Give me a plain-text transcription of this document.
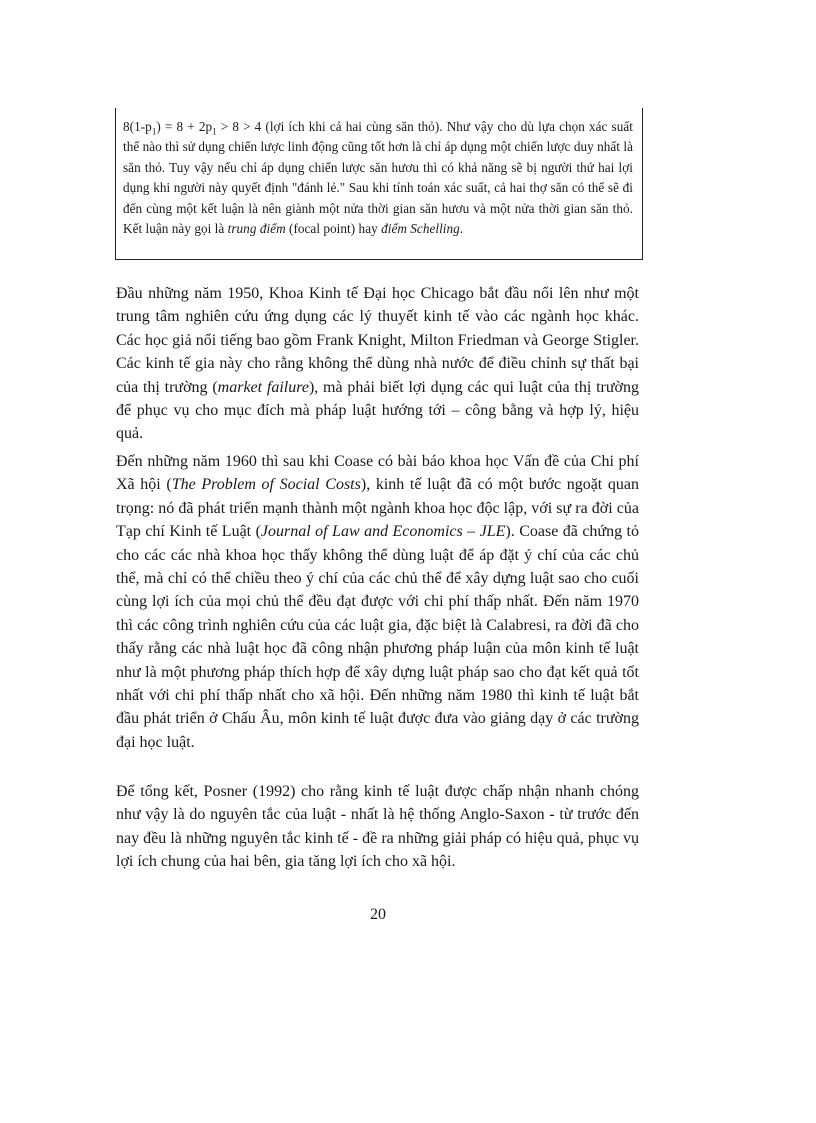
$8(1-p_1) = 8 + 2p_1 > 8 > 4$ (lợi ích khi cả hai cùng săn thỏ). Như vậy cho dù lựa chọn xác suất thế nào thì sử dụng chiến lược linh động cũng tốt hơn là chỉ áp dụng một chiến lược duy nhất là săn thỏ. Tuy vậy nếu chỉ áp dụng chiến lược săn hươu thì có khả năng sẽ bị người thứ hai lợi dụng khi người này quyết định "đánh lẻ." Sau khi tính toán xác suất, cả hai thợ săn có thể sẽ đi đến cùng một kết luận là nên giành một nửa thời gian săn hươu và một nửa thời gian săn thỏ. Kết luận này gọi là trung điểm (focal point) hay điểm Schelling.

Đầu những năm 1950, Khoa Kinh tế Đại học Chicago bắt đầu nổi lên như một trung tâm nghiên cứu ứng dụng các lý thuyết kinh tế vào các ngành học khác. Các học giả nổi tiếng bao gồm Frank Knight, Milton Friedman và George Stigler. Các kinh tế gia này cho rằng không thể dùng nhà nước để điều chỉnh sự thất bại của thị trường (market failure), mà phải biết lợi dụng các qui luật của thị trường để phục vụ cho mục đích mà pháp luật hướng tới – công bằng và hợp lý, hiệu quả.

Đến những năm 1960 thì sau khi Coase có bài báo khoa học Vấn đề của Chi phí Xã hội (The Problem of Social Costs), kinh tế luật đã có một bước ngoặt quan trọng: nó đã phát triển mạnh thành một ngành khoa học độc lập, với sự ra đời của Tạp chí Kinh tế Luật (Journal of Law and Economics – JLE). Coase đã chứng tỏ cho các các nhà khoa học thấy không thể dùng luật để áp đặt ý chí của các chủ thể, mà chỉ có thể chiều theo ý chí của các chủ thể để xây dựng luật sao cho cuối cùng lợi ích của mọi chủ thể đều đạt được với chi phí thấp nhất. Đến năm 1970 thì các công trình nghiên cứu của các luật gia, đặc biệt là Calabresi, ra đời đã cho thấy rằng các nhà luật học đã công nhận phương pháp luận của môn kinh tế luật như là một phương pháp thích hợp để xây dựng luật pháp sao cho đạt kết quả tốt nhất với chi phí thấp nhất cho xã hội. Đến những năm 1980 thì kinh tế luật bắt đầu phát triển ở Chấu Âu, môn kinh tế luật được đưa vào giảng dạy ở các trường đại học luật.

Để tổng kết, Posner (1992) cho rằng kinh tế luật được chấp nhận nhanh chóng như vậy là do nguyên tắc của luật - nhất là hệ thống Anglo-Saxon - từ trước đến nay đều là những nguyên tắc kinh tế - đề ra những giải pháp có hiệu quả, phục vụ lợi ích chung của hai bên, gia tăng lợi ích cho xã hội.

20
